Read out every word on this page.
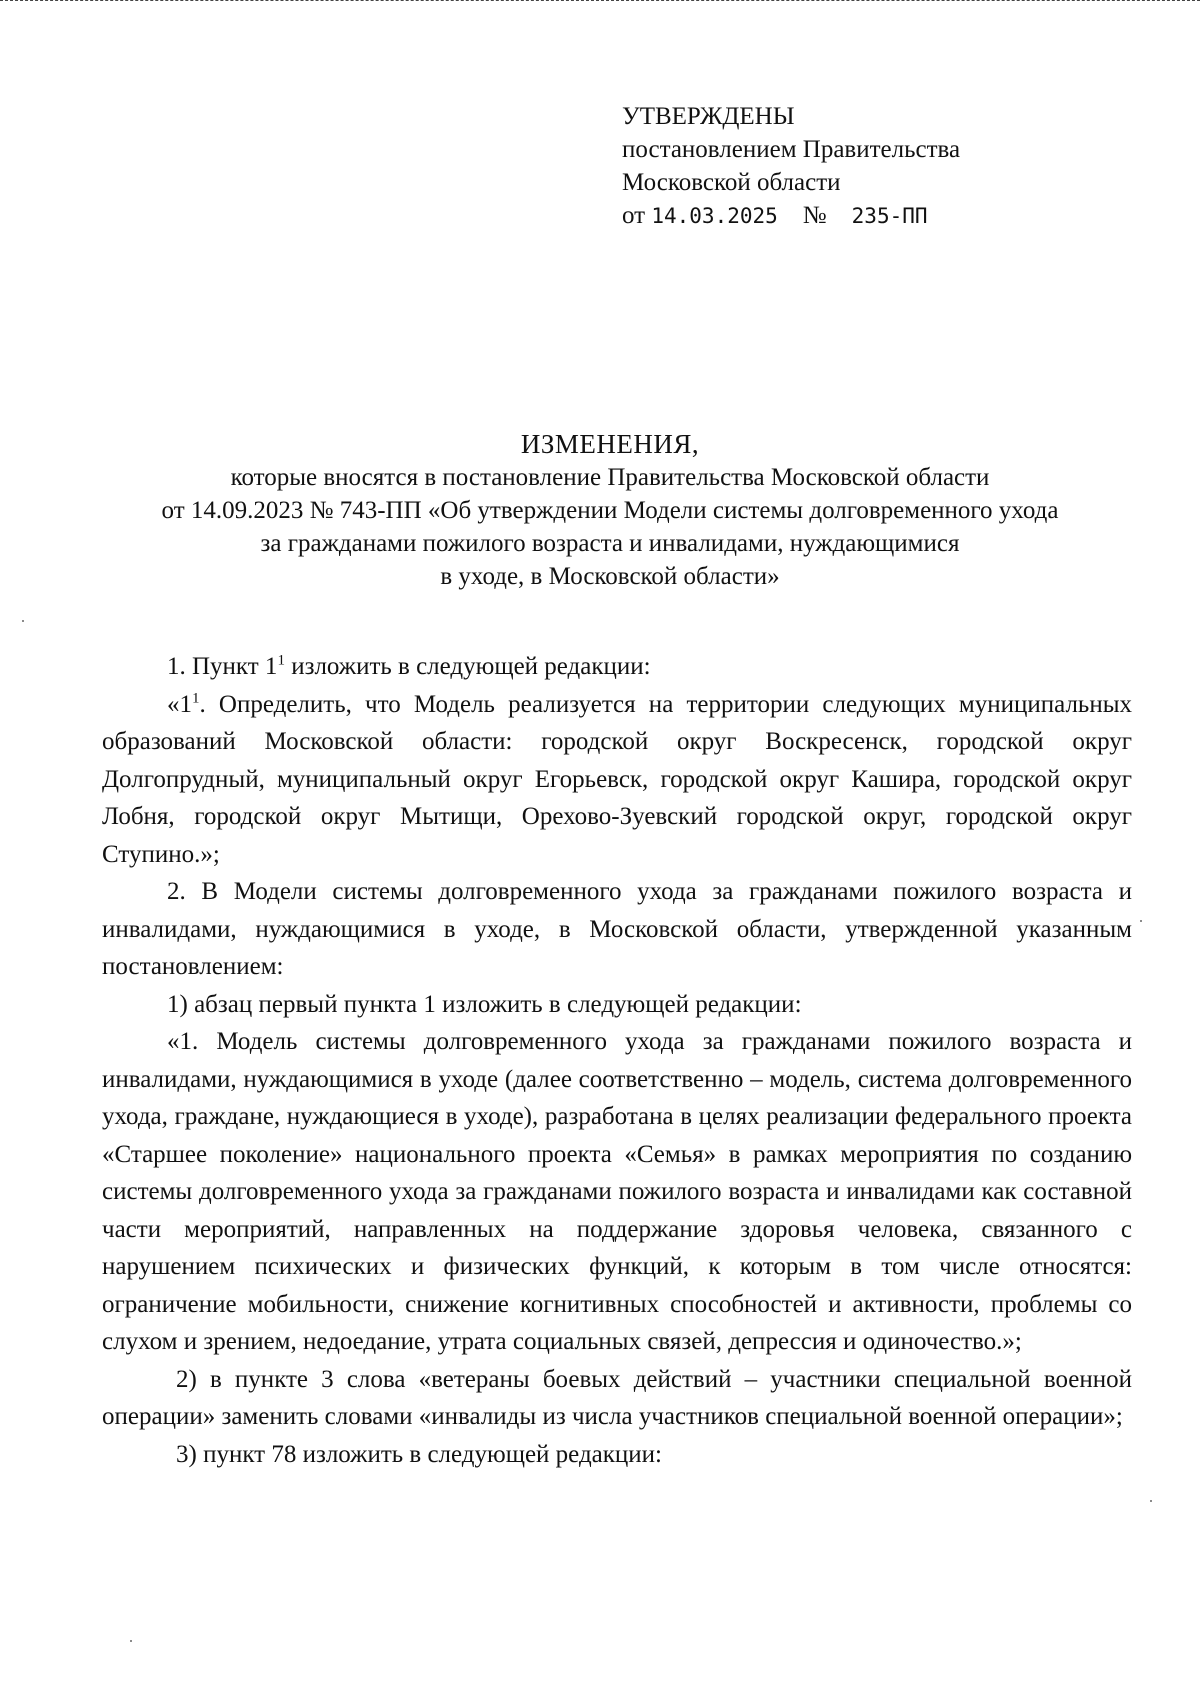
УТВЕРЖДЕНЫ
постановлением Правительства
Московской области
от 14.03.2025 № 235-ПП
ИЗМЕНЕНИЯ,
которые вносятся в постановление Правительства Московской области
от 14.09.2023 № 743-ПП «Об утверждении Модели системы долговременного ухода
за гражданами пожилого возраста и инвалидами, нуждающимися
в уходе, в Московской области»

1. Пункт $1^1$ изложить в следующей редакции:

«$1^1$. Определить, что Модель реализуется на территории следующих муниципальных образований Московской области: городской округ Воскресенск, городской округ Долгопрудный, муниципальный округ Егорьевск, городской округ Кашира, городской округ Лобня, городской округ Мытищи, Орехово-Зуевский городской округ, городской округ Ступино.»;

2. В Модели системы долговременного ухода за гражданами пожилого возраста и инвалидами, нуждающимися в уходе, в Московской области, утвержденной указанным постановлением:

1) абзац первый пункта 1 изложить в следующей редакции:

«1. Модель системы долговременного ухода за гражданами пожилого возраста и инвалидами, нуждающимися в уходе (далее соответственно – модель, система долговременного ухода, граждане, нуждающиеся в уходе), разработана в целях реализации федерального проекта «Старшее поколение» национального проекта «Семья» в рамках мероприятия по созданию системы долговременного ухода за гражданами пожилого возраста и инвалидами как составной части мероприятий, направленных на поддержание здоровья человека, связанного с нарушением психических и физических функций, к которым в том числе относятся: ограничение мобильности, снижение когнитивных способностей и активности, проблемы со слухом и зрением, недоедание, утрата социальных связей, депрессия и одиночество.»;

2) в пункте 3 слова «ветераны боевых действий – участники специальной военной операции» заменить словами «инвалиды из числа участников специальной военной операции»;

3) пункт 78 изложить в следующей редакции:
